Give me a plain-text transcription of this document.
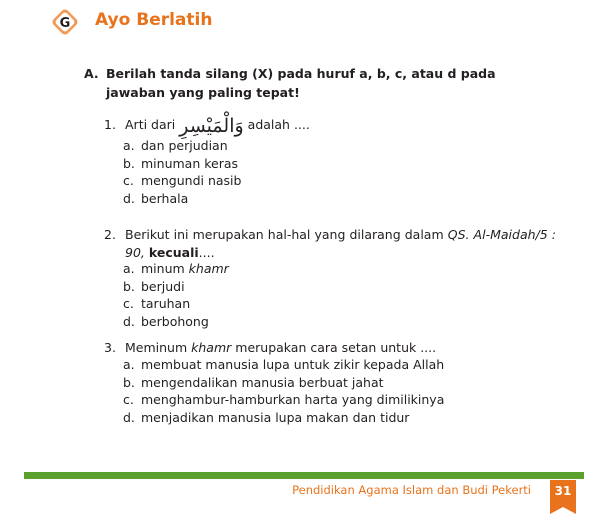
G Ayo Berlatih
A. Berilah tanda silang (X) pada huruf a, b, c, atau d pada jawaban yang paling tepat!
1. Arti dari وَالْمَيْسِرِ adalah ....
a. dan perjudian
b. minuman keras
c. mengundi nasib
d. berhala
2. Berikut ini merupakan hal-hal yang dilarang dalam QS. Al-Maidah/5 : 90, kecuali....
a. minum khamr
b. berjudi
c. taruhan
d. berbohong
3. Meminum khamr merupakan cara setan untuk ....
a. membuat manusia lupa untuk zikir kepada Allah
b. mengendalikan manusia berbuat jahat
c. menghambur-hamburkan harta yang dimilikinya
d. menjadikan manusia lupa makan dan tidur
Pendidikan Agama Islam dan Budi Pekerti	31
